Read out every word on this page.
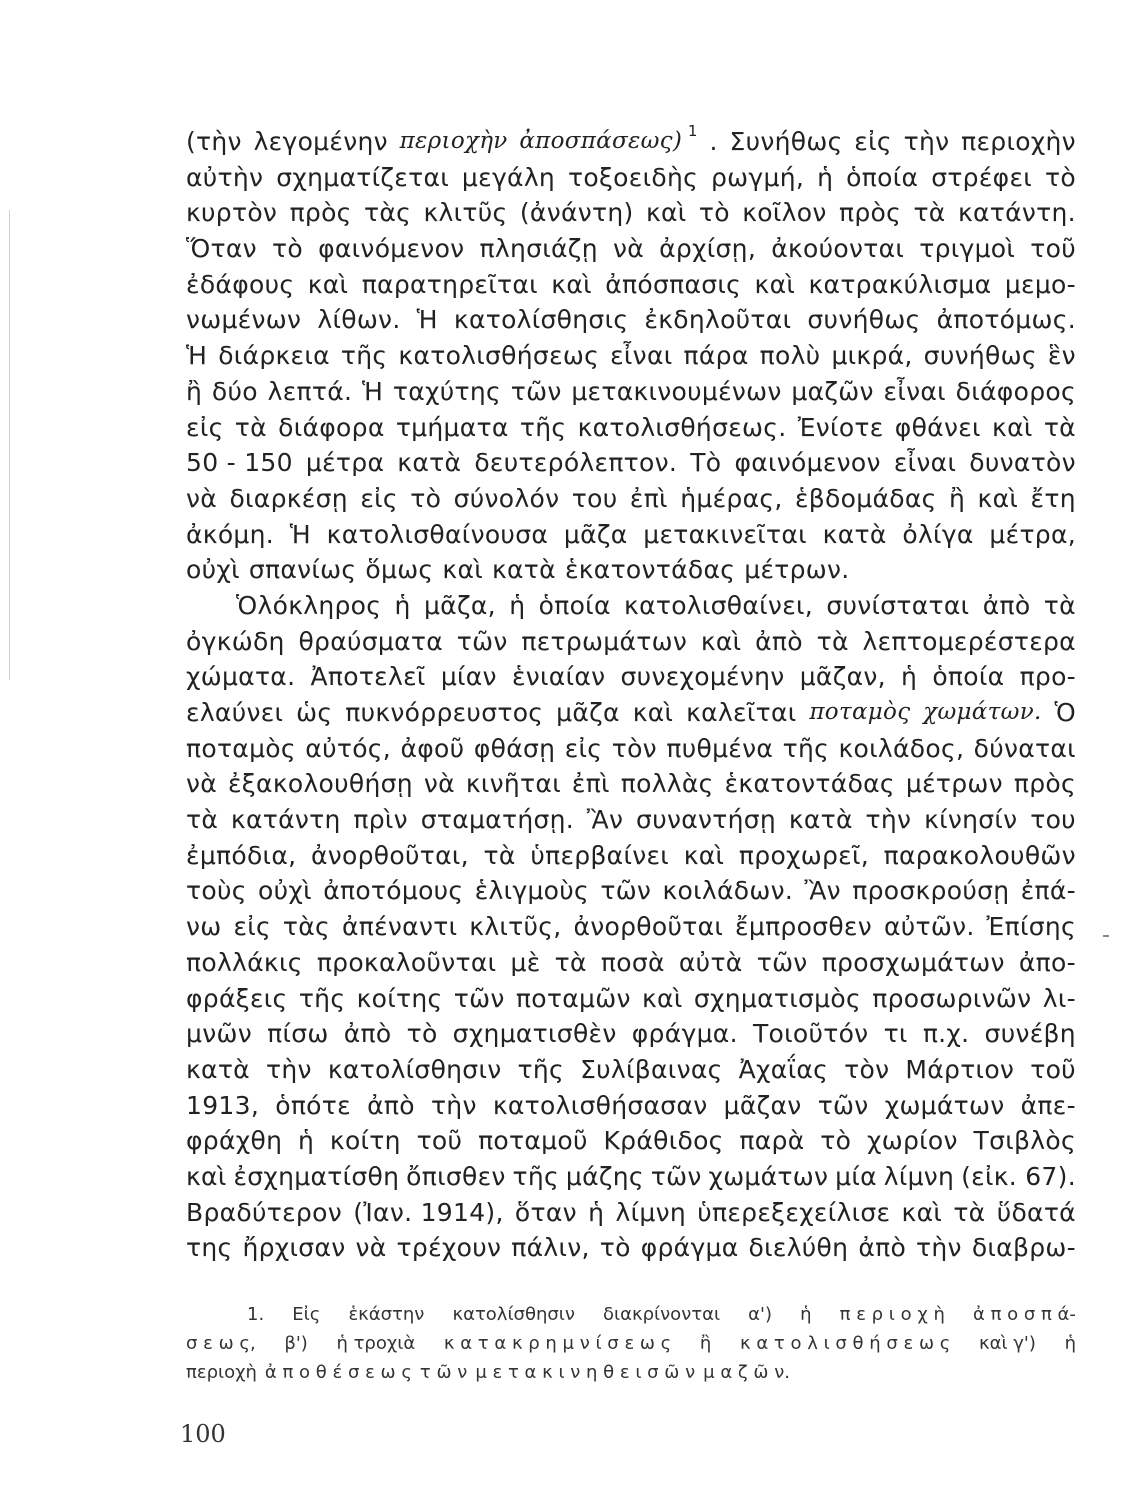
(τὴν λεγομένην περιοχὴν ἀποσπάσεως) 1 . Συνήθως εἰς τὴν περιοχὴν
αὐτὴν σχηματίζεται μεγάλη τοξοειδὴς ρωγμή, ἡ ὁποία στρέφει τὸ
κυρτὸν πρὸς τὰς κλιτῦς (ἀνάντη) καὶ τὸ κοῖλον πρὸς τὰ κατάντη.
Ὅταν τὸ φαινόμενον πλησιάζῃ νὰ ἀρχίσῃ, ἀκούονται τριγμοὶ τοῦ
ἐδάφους καὶ παρατηρεῖται καὶ ἀπόσπασις καὶ κατρακύλισμα μεμο-
νωμένων λίθων. Ἡ κατολίσθησις ἐκδηλοῦται συνήθως ἀποτόμως.
Ἡ διάρκεια τῆς κατολισθήσεως εἶναι πάρα πολὺ μικρά, συνήθως ἓν
ἢ δύο λεπτά. Ἡ ταχύτης τῶν μετακινουμένων μαζῶν εἶναι διάφορος
εἰς τὰ διάφορα τμήματα τῆς κατολισθήσεως. Ἐνίοτε φθάνει καὶ τὰ
50 - 150 μέτρα κατὰ δευτερόλεπτον. Τὸ φαινόμενον εἶναι δυνατὸν
νὰ διαρκέσῃ εἰς τὸ σύνολόν του ἐπὶ ἡμέρας, ἑβδομάδας ἢ καὶ ἔτη
ἀκόμη. Ἡ κατολισθαίνουσα μᾶζα μετακινεῖται κατὰ ὀλίγα μέτρα,
οὐχὶ σπανίως ὅμως καὶ κατὰ ἑκατοντάδας μέτρων.
Ὁλόκληρος ἡ μᾶζα, ἡ ὁποία κατολισθαίνει, συνίσταται ἀπὸ τὰ
ὀγκώδη θραύσματα τῶν πετρωμάτων καὶ ἀπὸ τὰ λεπτομερέστερα
χώματα. Ἀποτελεῖ μίαν ἑνιαίαν συνεχομένην μᾶζαν, ἡ ὁποία προ-
ελαύνει ὡς πυκνόρρευστος μᾶζα καὶ καλεῖται ποταμὸς χωμάτων. Ὁ
ποταμὸς αὐτός, ἀφοῦ φθάσῃ εἰς τὸν πυθμένα τῆς κοιλάδος, δύναται
νὰ ἐξακολουθήσῃ νὰ κινῆται ἐπὶ πολλὰς ἑκατοντάδας μέτρων πρὸς
τὰ κατάντη πρὶν σταματήσῃ. Ἂν συναντήσῃ κατὰ τὴν κίνησίν του
ἐμπόδια, ἀνορθοῦται, τὰ ὑπερβαίνει καὶ προχωρεῖ, παρακολουθῶν
τοὺς οὐχὶ ἀποτόμους ἑλιγμοὺς τῶν κοιλάδων. Ἂν προσκρούσῃ ἐπά-
νω εἰς τὰς ἀπέναντι κλιτῦς, ἀνορθοῦται ἔμπροσθεν αὐτῶν. Ἐπίσης
πολλάκις προκαλοῦνται μὲ τὰ ποσὰ αὐτὰ τῶν προσχωμάτων ἀπο-
φράξεις τῆς κοίτης τῶν ποταμῶν καὶ σχηματισμὸς προσωρινῶν λι-
μνῶν πίσω ἀπὸ τὸ σχηματισθὲν φράγμα. Τοιοῦτόν τι π.χ. συνέβη
κατὰ τὴν κατολίσθησιν τῆς Συλίβαινας Ἀχαΐας τὸν Μάρτιον τοῦ
1913, ὁπότε ἀπὸ τὴν κατολισθήσασαν μᾶζαν τῶν χωμάτων ἀπε-
φράχθη ἡ κοίτη τοῦ ποταμοῦ Κράθιδος παρὰ τὸ χωρίον Τσιβλὸς
καὶ ἐσχηματίσθη ὄπισθεν τῆς μάζης τῶν χωμάτων μία λίμνη (εἰκ. 67).
Βραδύτερον (Ἰαν. 1914), ὅταν ἡ λίμνη ὑπερεξεχείλισε καὶ τὰ ὕδατά
της ἤρχισαν νὰ τρέχουν πάλιν, τὸ φράγμα διελύθη ἀπὸ τὴν διαβρω-
1. Εἰς ἑκάστην κατολίσθησιν διακρίνονται α') ἡ π ε ρ ι ο χ ὴ ἀ π ο σ π ά-
σ ε ω ς, β') ἡ τροχιὰ κ α τ α κ ρ η μ ν ί σ ε ω ς ἢ κ α τ ο λ ι σ θ ή σ ε ω ς καὶ γ') ἡ
περιοχὴ ἀ π ο θ έ σ ε ω ς τ ῶ ν μ ε τ α κ ι ν η θ ε ι σ ῶ ν μ α ζ ῶ ν.
100
